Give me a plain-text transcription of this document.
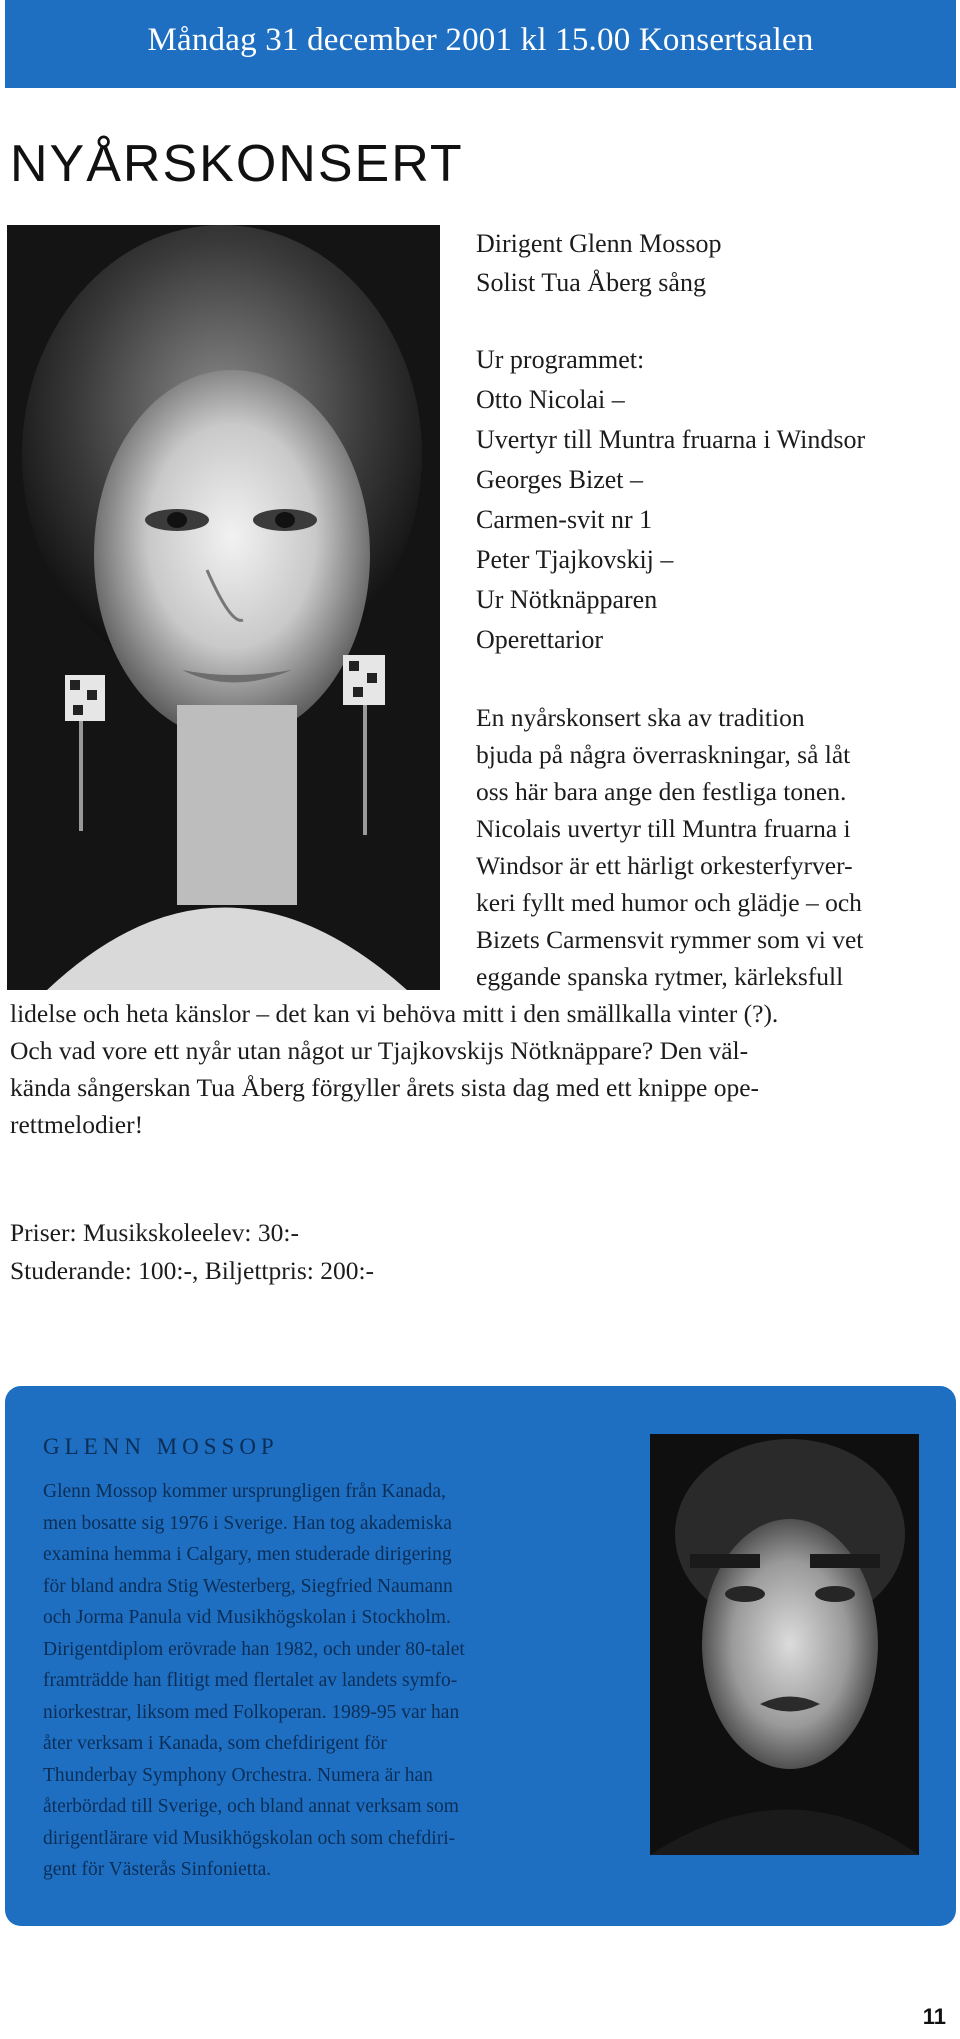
Måndag 31 december 2001 kl 15.00 Konsertsalen
NYÅRSKONSERT
Dirigent Glenn Mossop
Solist Tua Åberg sång
Ur programmet:
Otto Nicolai –
Uvertyr till Muntra fruarna i Windsor
Georges Bizet –
Carmen-svit nr 1
Peter Tjajkovskij –
Ur Nötknäpparen
Operettarior
En nyårskonsert ska av tradition
bjuda på några överraskningar, så låt
oss här bara ange den festliga tonen.
Nicolais uvertyr till Muntra fruarna i
Windsor är ett härligt orkesterfyrver-
keri fyllt med humor och glädje – och
Bizets Carmensvit rymmer som vi vet
eggande spanska rytmer, kärleksfull
lidelse och heta känslor – det kan vi behöva mitt i den smällkalla vinter (?).
Och vad vore ett nyår utan något ur Tjajkovskijs Nötknäppare? Den väl-
kända sångerskan Tua Åberg förgyller årets sista dag med ett knippe ope-
rettmelodier!
Priser: Musikskoleelev: 30:-
Studerande: 100:-, Biljettpris: 200:-
GLENN MOSSOP
Glenn Mossop kommer ursprungligen från Kanada,
men bosatte sig 1976 i Sverige. Han tog akademiska
examina hemma i Calgary, men studerade dirigering
för bland andra Stig Westerberg, Siegfried Naumann
och Jorma Panula vid Musikhögskolan i Stockholm.
Dirigentdiplom erövrade han 1982, och under 80-talet
framträdde han flitigt med flertalet av landets symfo-
niorkestrar, liksom med Folkoperan. 1989-95 var han
åter verksam i Kanada, som chefdirigent för
Thunderbay Symphony Orchestra. Numera är han
återbördad till Sverige, och bland annat verksam som
dirigentlärare vid Musikhögskolan och som chefdiri-
gent för Västerås Sinfonietta.
11
